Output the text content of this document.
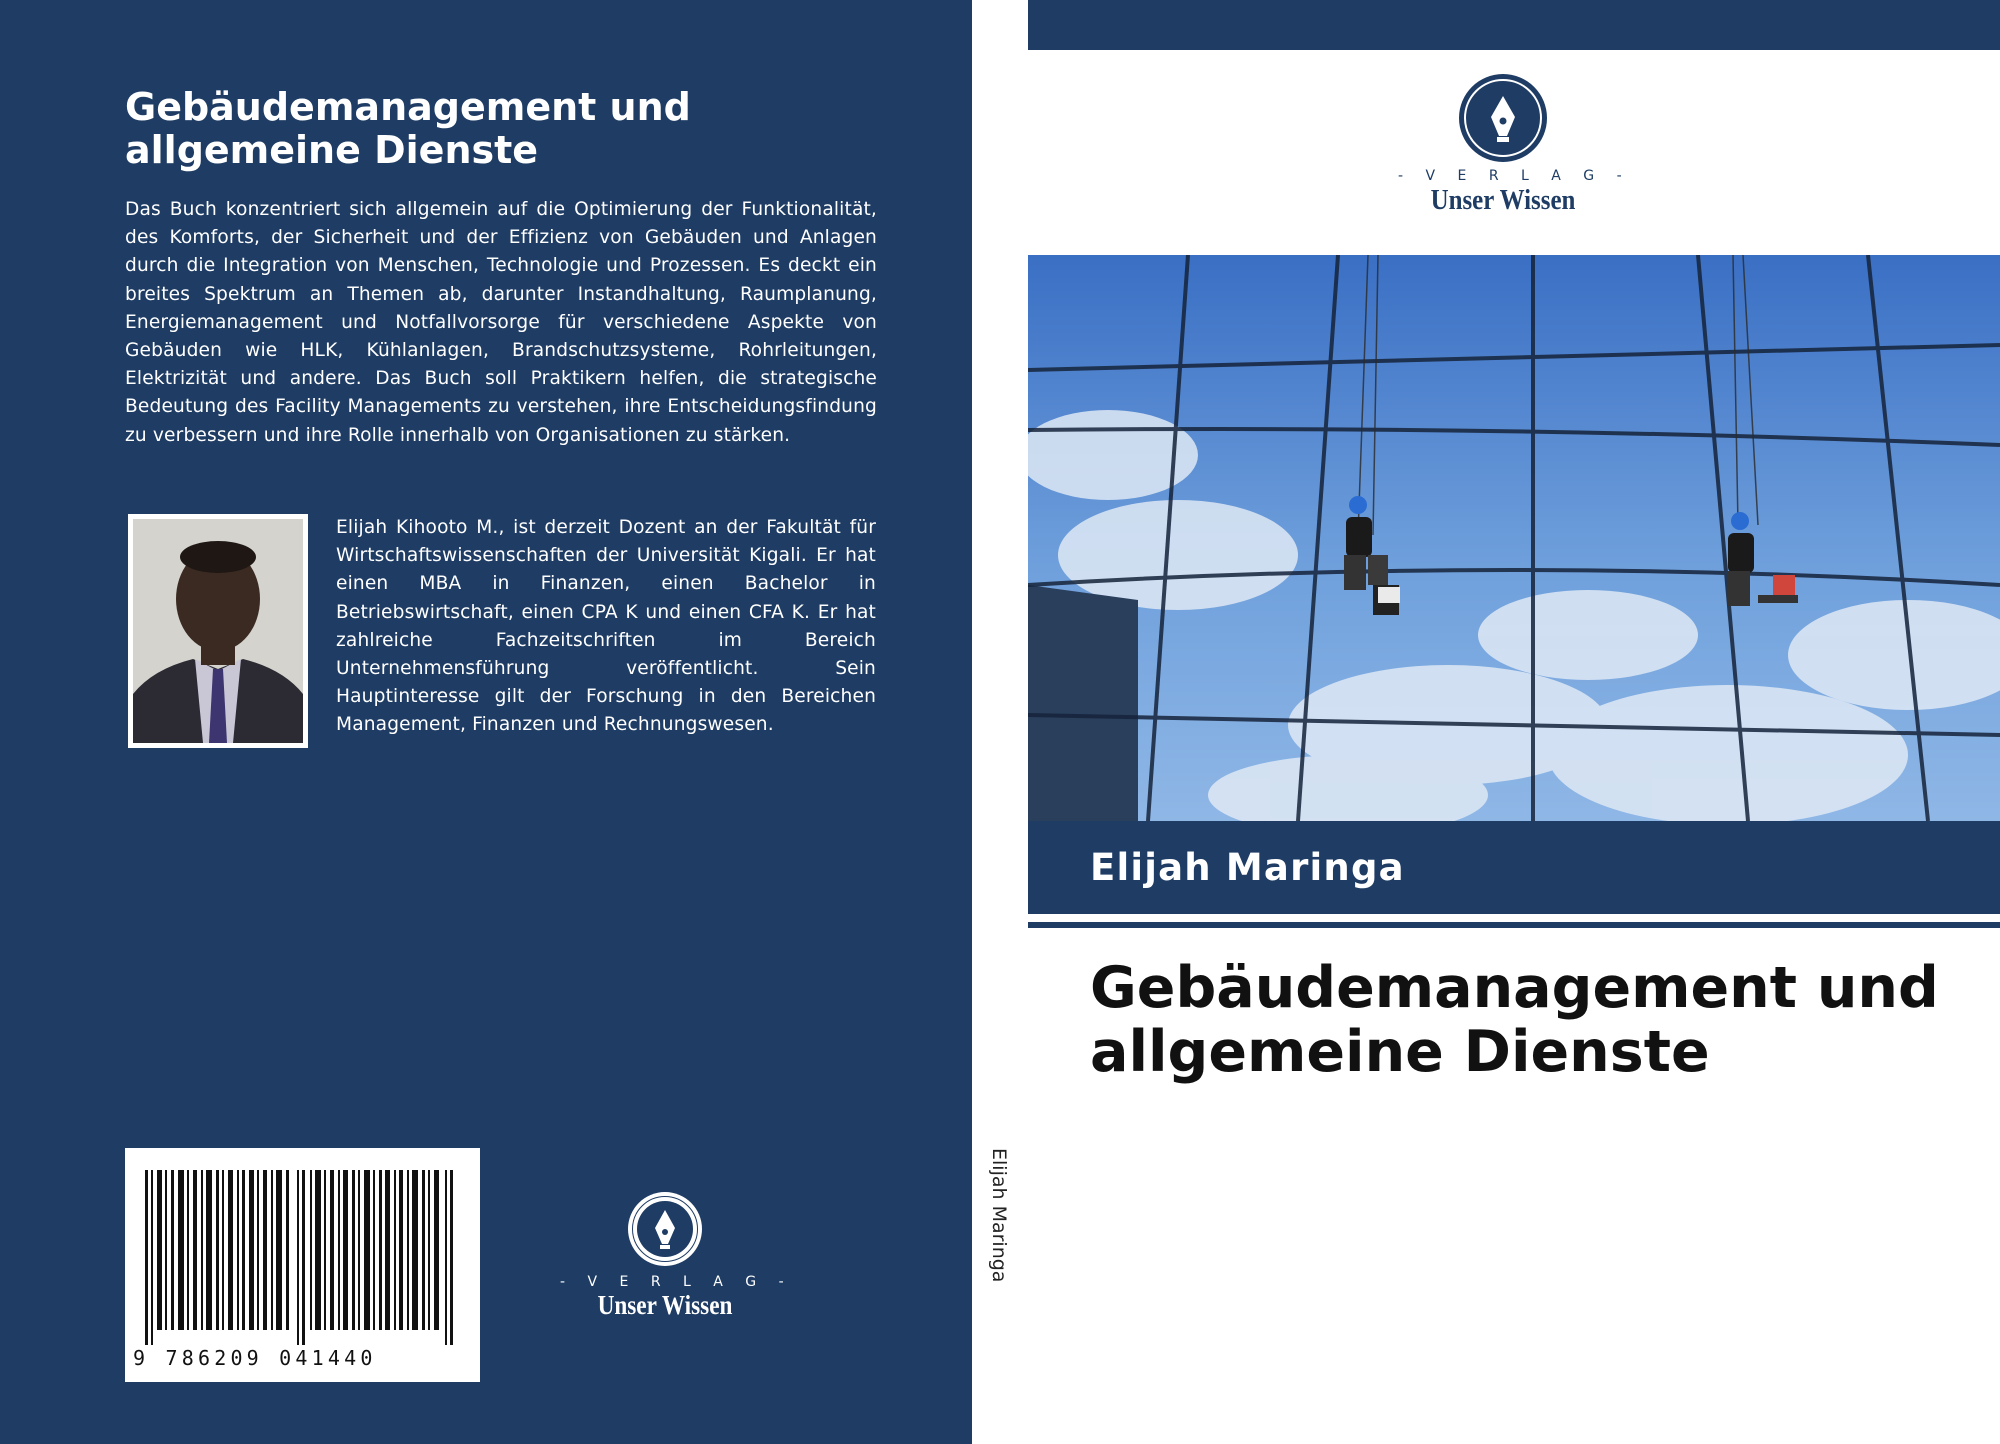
Gebäudemanagement und allgemeine Dienste

Das Buch konzentriert sich allgemein auf die Optimierung der Funktionalität, des Komforts, der Sicherheit und der Effizienz von Gebäuden und Anlagen durch die Integration von Menschen, Technologie und Prozessen. Es deckt ein breites Spektrum an Themen ab, darunter Instandhaltung, Raumplanung, Energiemanagement und Notfallvorsorge für verschiedene Aspekte von Gebäuden wie HLK, Kühlanlagen, Brandschutzsysteme, Rohrleitungen, Elektrizität und andere. Das Buch soll Praktikern helfen, die strategische Bedeutung des Facility Managements zu verstehen, ihre Entscheidungsfindung zu verbessern und ihre Rolle innerhalb von Organisationen zu stärken.

Elijah Kihooto M., ist derzeit Dozent an der Fakultät für Wirtschaftswissenschaften der Universität Kigali. Er hat einen MBA in Finanzen, einen Bachelor in Betriebswirtschaft, einen CPA K und einen CFA K. Er hat zahlreiche Fachzeitschriften im Bereich Unternehmensführung veröffentlicht. Sein Hauptinteresse gilt der Forschung in den Bereichen Management, Finanzen und Rechnungswesen.

9 786209 041440
- V E R L A G -
Unser Wissen
Elijah Maringa
- V E R L A G -
Unser Wissen
Elijah Maringa
Gebäudemanagement und allgemeine Dienste
